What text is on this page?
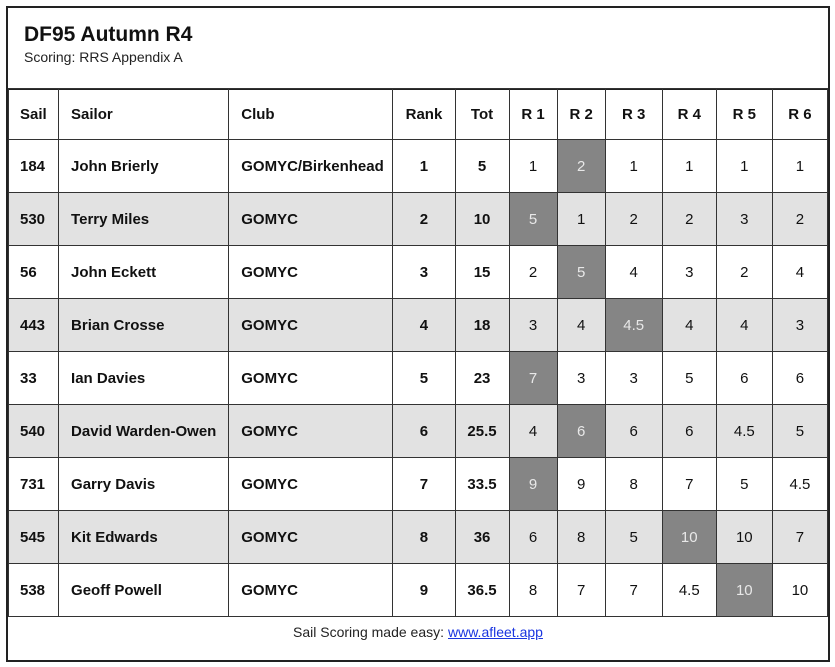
DF95 Autumn R4
Scoring: RRS Appendix A
Sail	Sailor	Club	Rank	Tot	R 1	R 2	R 3	R 4	R 5	R 6
184	John Brierly	GOMYC/Birkenhead	1	5	1	2	1	1	1	1
530	Terry Miles	GOMYC	2	10	5	1	2	2	3	2
56	John Eckett	GOMYC	3	15	2	5	4	3	2	4
443	Brian Crosse	GOMYC	4	18	3	4	4.5	4	4	3
33	Ian Davies	GOMYC	5	23	7	3	3	5	6	6
540	David Warden-Owen	GOMYC	6	25.5	4	6	6	6	4.5	5
731	Garry Davis	GOMYC	7	33.5	9	9	8	7	5	4.5
545	Kit Edwards	GOMYC	8	36	6	8	5	10	10	7
538	Geoff Powell	GOMYC	9	36.5	8	7	7	4.5	10	10
Sail Scoring made easy: www.afleet.app
